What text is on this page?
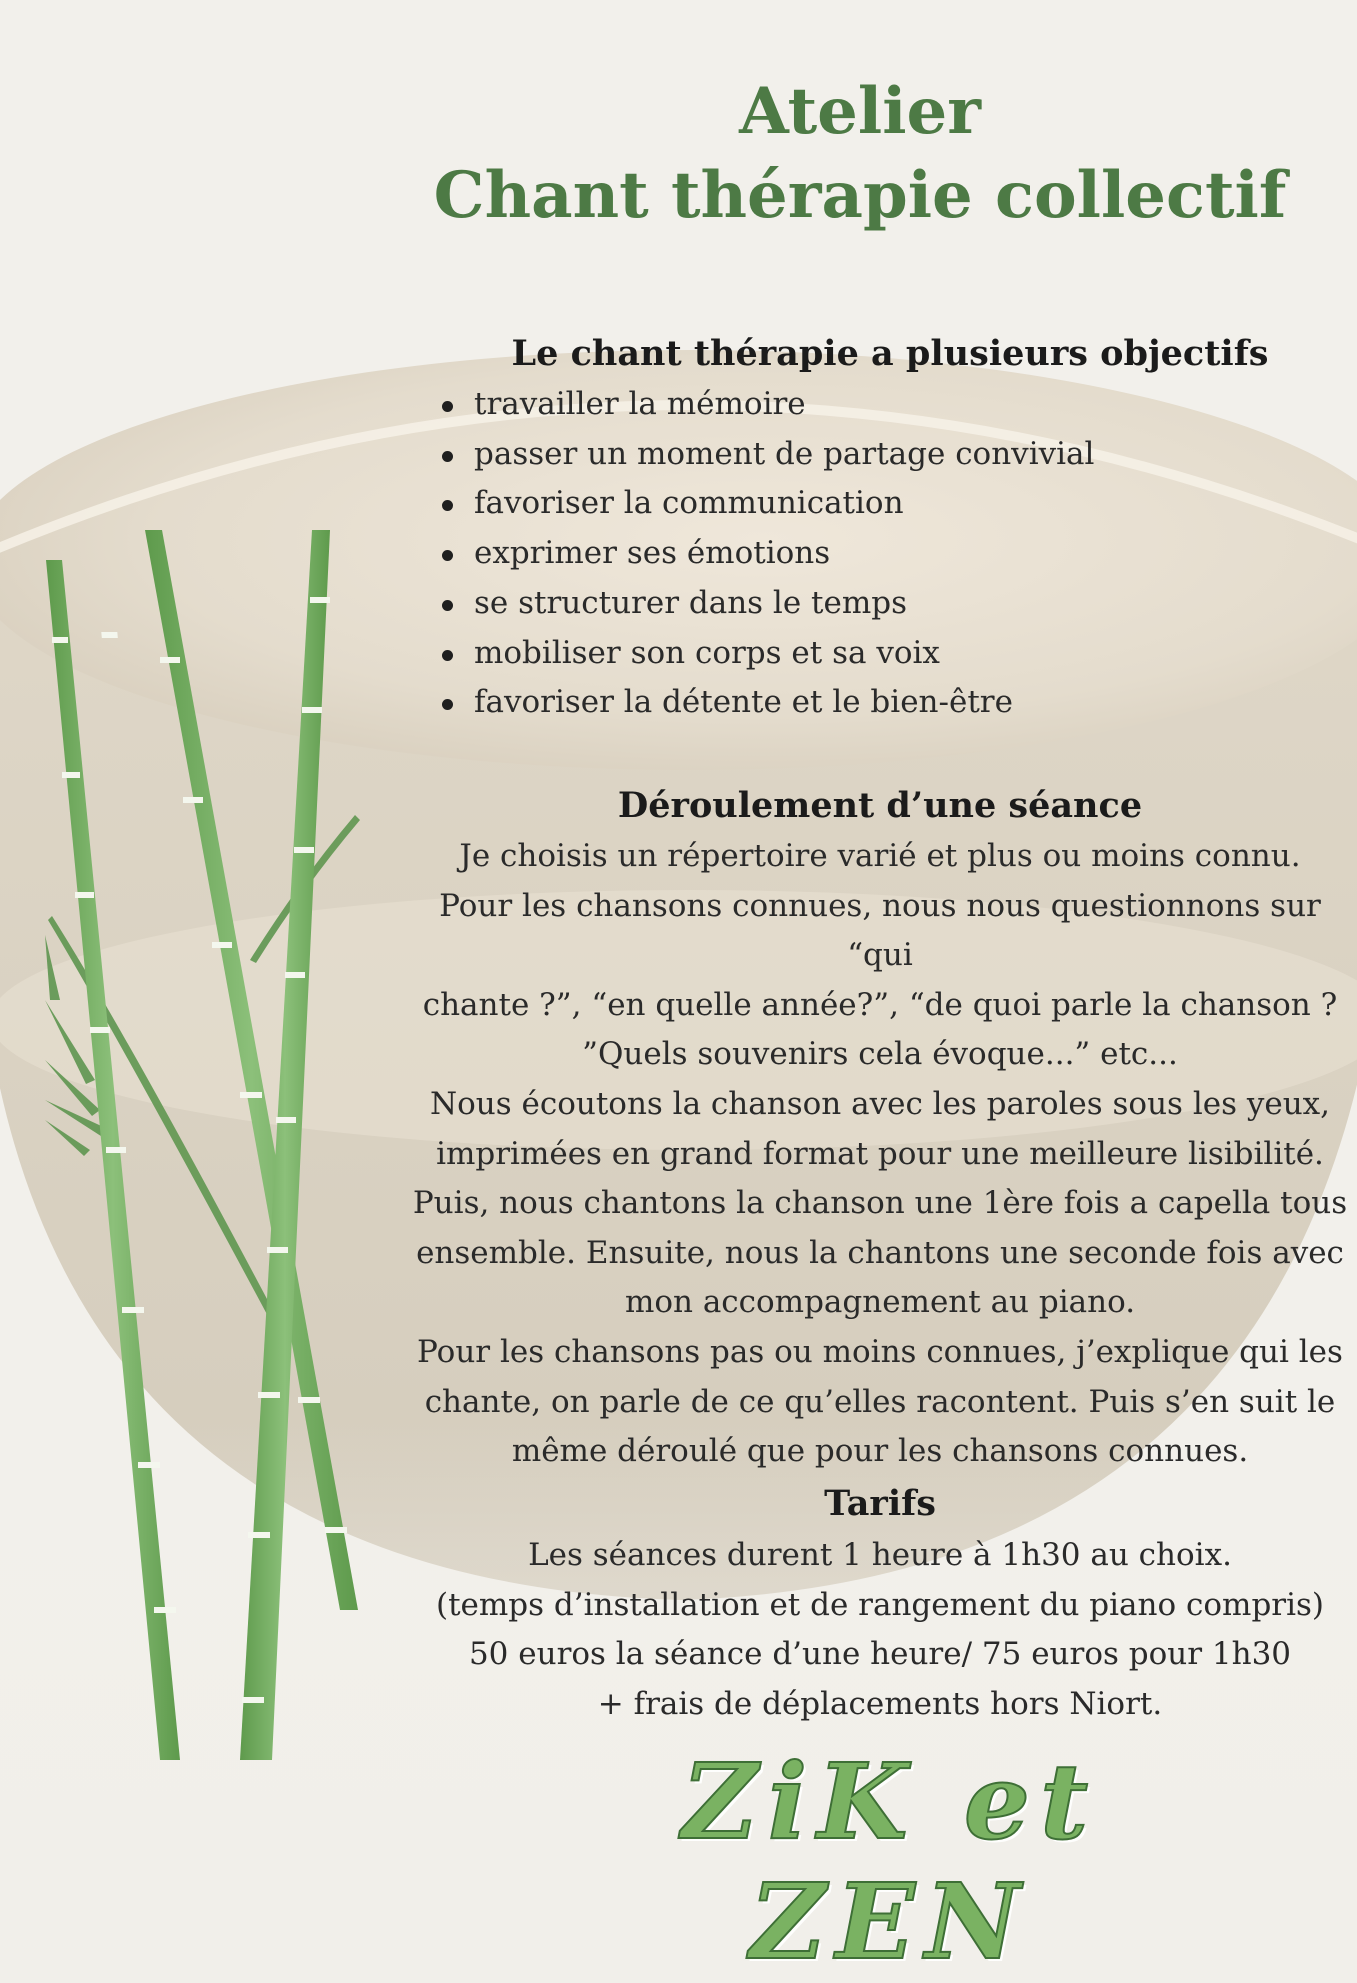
Atelier
Chant thérapie collectif
Le chant thérapie a plusieurs objectifs
travailler la mémoire
passer un moment de partage convivial
favoriser la communication
exprimer ses émotions
se structurer dans le temps
mobiliser son corps et sa voix
favoriser la détente et le bien-être
Déroulement d’une séance
Je choisis un répertoire varié et plus ou moins connu.
Pour les chansons connues, nous nous questionnons sur “qui
chante ?”, “en quelle année?”, “de quoi parle la chanson ?
”Quels souvenirs cela évoque...” etc...
Nous écoutons la chanson avec les paroles sous les yeux,
imprimées en grand format pour une meilleure lisibilité.
Puis, nous chantons la chanson une 1ère fois a capella tous
ensemble. Ensuite, nous la chantons une seconde fois avec
mon accompagnement au piano.
Pour les chansons pas ou moins connues, j’explique qui les
chante, on parle de ce qu’elles racontent. Puis s’en suit le
même déroulé que pour les chansons connues.
Tarifs
Les séances durent 1 heure à 1h30 au choix.
(temps d’installation et de rangement du piano compris)
50 euros la séance d’une heure/ 75 euros pour 1h30
+ frais de déplacements hors Niort.
ZiK et ZEN
